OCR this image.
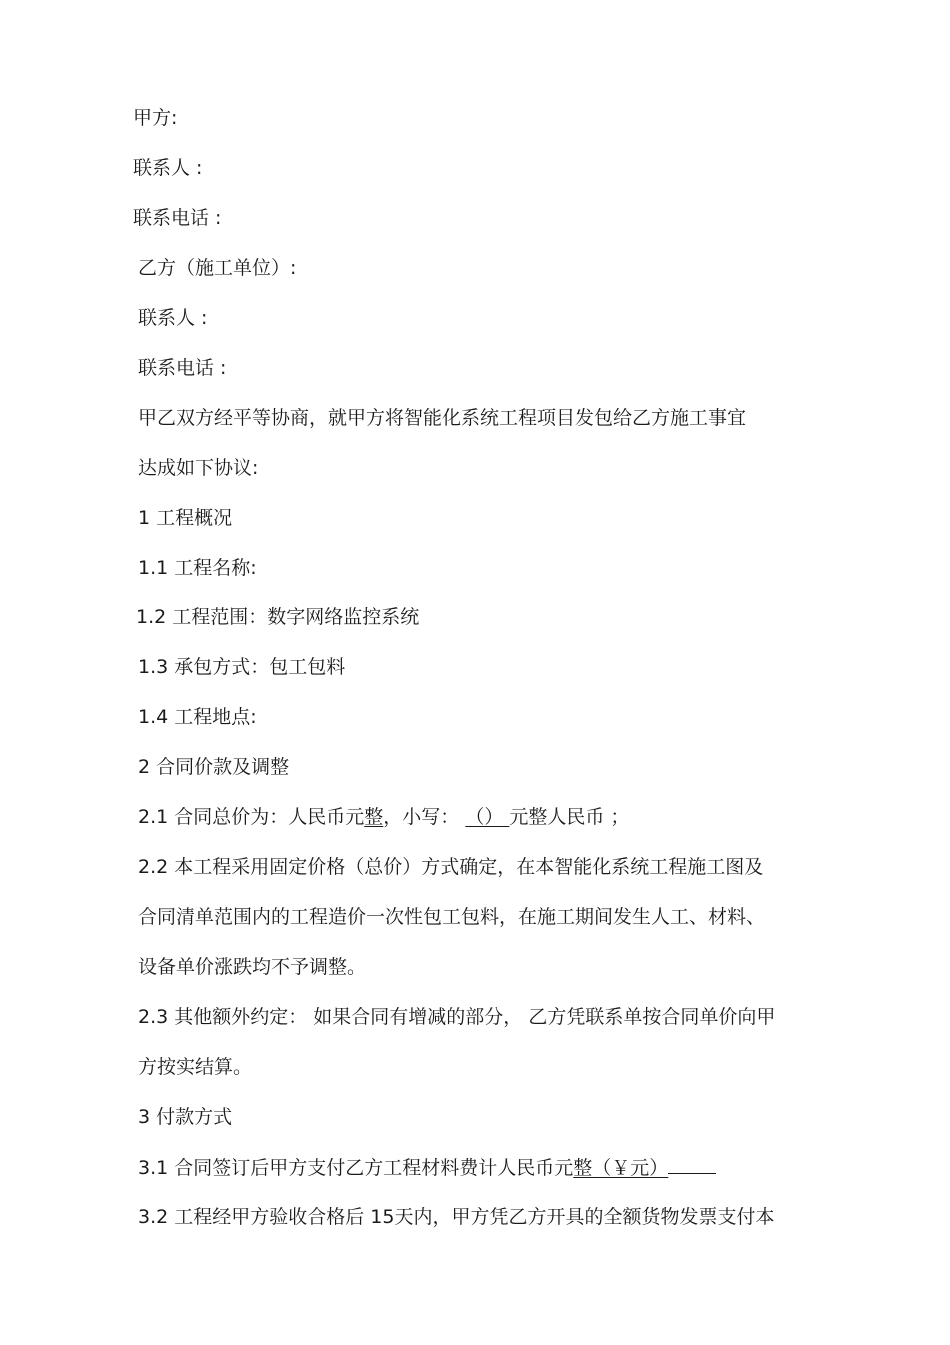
甲方:
联系人 :
联系电话 :
乙方（施工单位）:
联系人 :
联系电话 :
甲乙双方经平等协商，就甲方将智能化系统工程项目发包给乙方施工事宜
达成如下协议:
1 工程概况
1.1 工程名称:
1.2 工程范围：数字网络监控系统
1.3 承包方式：包工包料
1.4 工程地点:
2 合同价款及调整
2.1 合同总价为：人民币元整，小写： （） 元整人民币 ；
2.2 本工程采用固定价格（总价）方式确定，在本智能化系统工程施工图及
合同清单范围内的工程造价一次性包工包料，在施工期间发生人工、材料、
设备单价涨跌均不予调整。
2.3 其他额外约定： 如果合同有增减的部分， 乙方凭联系单按合同单价向甲
方按实结算。
3 付款方式
3.1 合同签订后甲方支付乙方工程材料费计人民币元整（￥元）
3.2 工程经甲方验收合格后 15天内，甲方凭乙方开具的全额货物发票支付本
